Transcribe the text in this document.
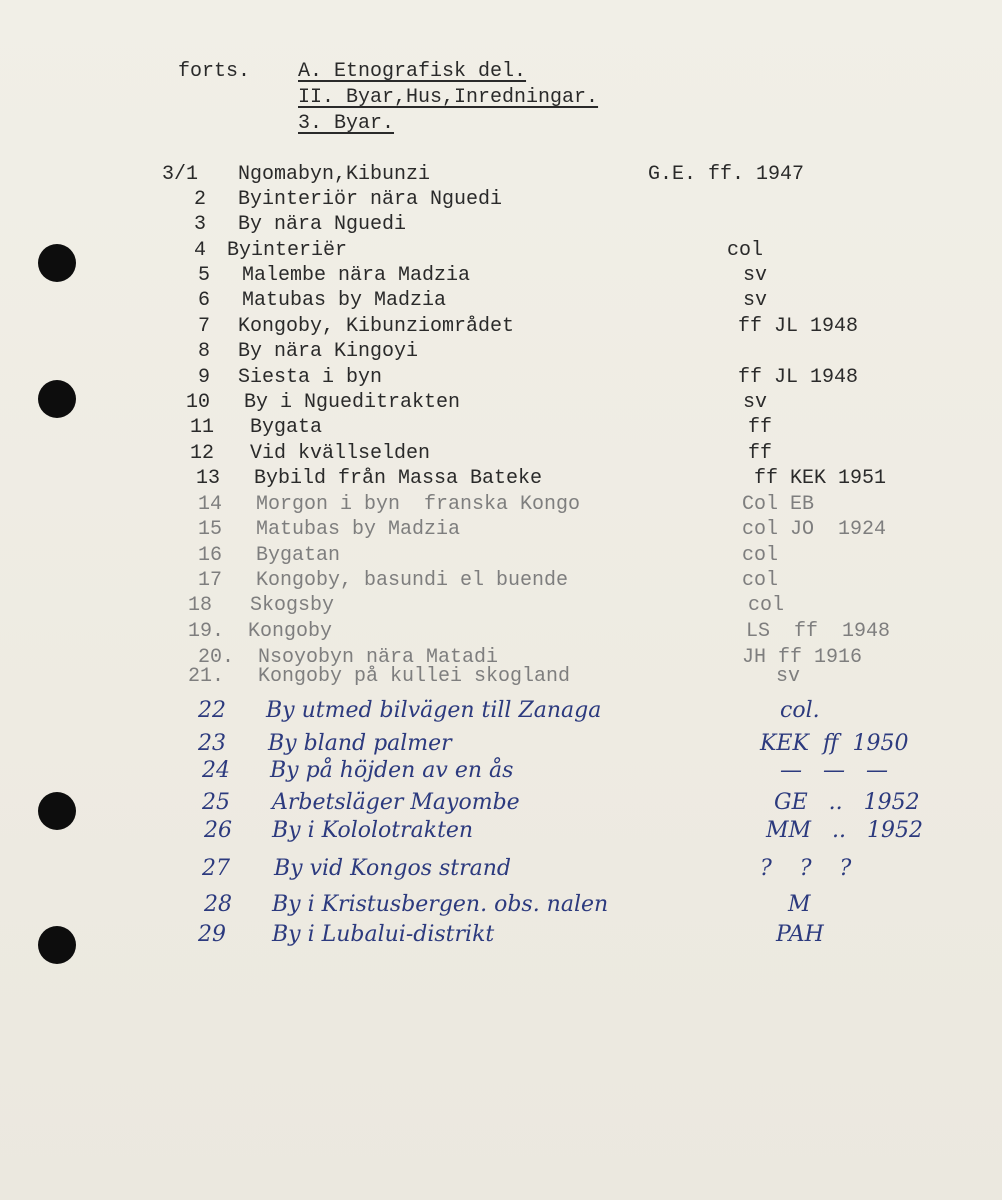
forts. A. Etnografisk del.
II. Byar,Hus,Inredningar.
3. Byar.
3/1 Ngomabyn,Kibunzi	G.E. ff. 1947
2 Byinteriör nära Nguedi
3 By nära Nguedi
4 Byinteriër	col
5 Malembe nära Madzia	sv
6 Matubas by Madzia	sv
7 Kongoby, Kibunziområdet	ff JL 1948
8 By nära Kingoyi
9 Siesta i byn	ff JL 1948
10 By i Ngueditrakten	sv
11 Bygata	ff
12 Vid kvällselden	ff
13 Bybild från Massa Bateke	ff KEK 1951
14 Morgon i byn  franska Kongo	Col EB
15 Matubas by Madzia	col JO  1924
16 Bygatan	col
17 Kongoby, basundi el buende	col
18 Skogsby	col
19. Kongoby	LS  ff  1948
20. Nsoyobyn nära Matadi	JH ff 1916
21. Kongoby på kullei skogland	sv
22 By utmed bilvägen till Zanaga	col.
23 By bland palmer	KEK  ff  1950
24 By på höjden av en ås	—   —   —
25 Arbetsläger Mayombe	GE   ..   1952
26 By i Kololotrakten	MM   ..   1952
27 By vid Kongos strand	?    ?    ?
28 By i Kristusbergen. obs. nalen	M
29 By i Lubalui-distrikt	PAH
